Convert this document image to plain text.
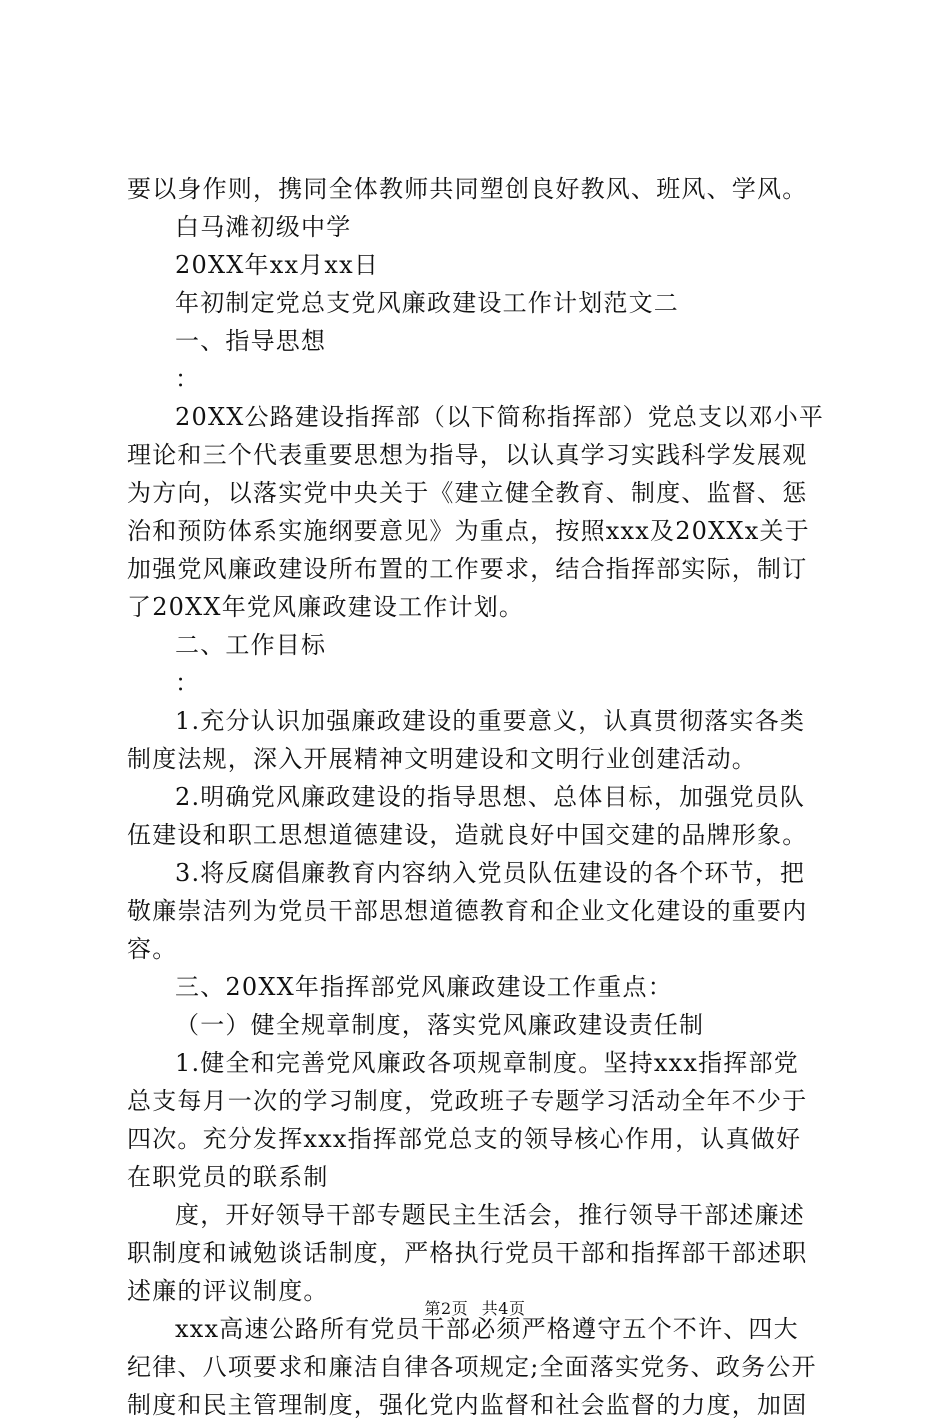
要以身作则，携同全体教师共同塑创良好教风、班风、学风。
白马滩初级中学
20XX年xx月xx日
年初制定党总支党风廉政建设工作计划范文二
一、指导思想
：
20XX公路建设指挥部（以下简称指挥部）党总支以邓小平
理论和三个代表重要思想为指导，以认真学习实践科学发展观
为方向，以落实党中央关于《建立健全教育、制度、监督、惩
治和预防体系实施纲要意见》为重点，按照xxx及20XXx关于
加强党风廉政建设所布置的工作要求，结合指挥部实际，制订
了20XX年党风廉政建设工作计划。
二、工作目标
：
1.充分认识加强廉政建设的重要意义，认真贯彻落实各类
制度法规，深入开展精神文明建设和文明行业创建活动。
2.明确党风廉政建设的指导思想、总体目标，加强党员队
伍建设和职工思想道德建设，造就良好中国交建的品牌形象。
3.将反腐倡廉教育内容纳入党员队伍建设的各个环节，把
敬廉崇洁列为党员干部思想道德教育和企业文化建设的重要内
容。
三、20XX年指挥部党风廉政建设工作重点：
（一）健全规章制度，落实党风廉政建设责任制
1.健全和完善党风廉政各项规章制度。坚持xxx指挥部党
总支每月一次的学习制度，党政班子专题学习活动全年不少于
四次。充分发挥xxx指挥部党总支的领导核心作用，认真做好
在职党员的联系制
度，开好领导干部专题民主生活会，推行领导干部述廉述
职制度和诫勉谈话制度，严格执行党员干部和指挥部干部述职
述廉的评议制度。
xxx高速公路所有党员干部必须严格遵守五个不许、四大
纪律、八项要求和廉洁自律各项规定;全面落实党务、政务公开
制度和民主管理制度，强化党内监督和社会监督的力度，加固
第2页 共4页
